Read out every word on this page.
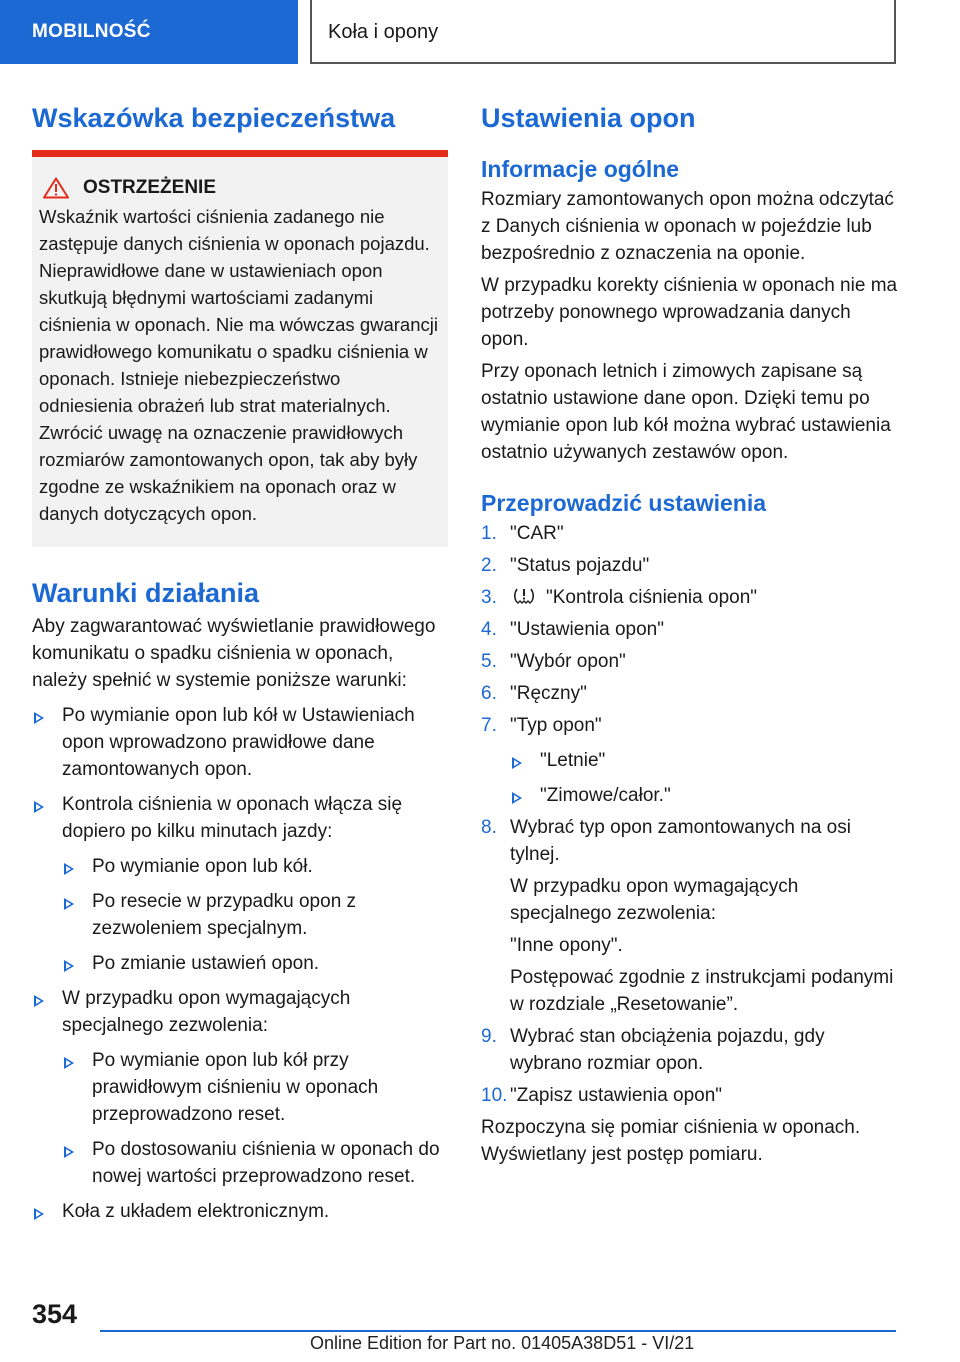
MOBILNOŚĆ	Koła i opony
Wskazówka bezpieczeństwa
OSTRZEŻENIE

Wskaźnik wartości ciśnienia zadanego nie zastępuje danych ciśnienia w oponach pojazdu. Nieprawidłowe dane w ustawieniach opon skutkują błędnymi wartościami zadanymi ciśnienia w oponach. Nie ma wówczas gwarancji prawidłowego komunikatu o spadku ciśnienia w oponach. Istnieje niebezpieczeństwo odniesienia obrażeń lub strat materialnych. Zwrócić uwagę na oznaczenie prawidłowych rozmiarów zamontowanych opon, tak aby były zgodne ze wskaźnikiem na oponach oraz w danych dotyczących opon.

Warunki działania

Aby zagwarantować wyświetlanie prawidłowego komunikatu o spadku ciśnienia w oponach, należy spełnić w systemie poniższe warunki:

Po wymianie opon lub kół w Ustawieniach opon wprowadzono prawidłowe dane zamontowanych opon.
Kontrola ciśnienia w oponach włącza się dopiero po kilku minutach jazdy:
Po wymianie opon lub kół.
Po resecie w przypadku opon z zezwoleniem specjalnym.
Po zmianie ustawień opon.
W przypadku opon wymagających specjalnego zezwolenia:
Po wymianie opon lub kół przy prawidłowym ciśnieniu w oponach przeprowadzono reset.
Po dostosowaniu ciśnienia w oponach do nowej wartości przeprowadzono reset.
Koła z układem elektronicznym.
Ustawienia opon
Informacje ogólne

Rozmiary zamontowanych opon można odczytać z Danych ciśnienia w oponach w pojeździe lub bezpośrednio z oznaczenia na oponie.

W przypadku korekty ciśnienia w oponach nie ma potrzeby ponownego wprowadzania danych opon.

Przy oponach letnich i zimowych zapisane są ostatnio ustawione dane opon. Dzięki temu po wymianie opon lub kół można wybrać ustawienia ostatnio używanych zestawów opon.

Przeprowadzić ustawienia
1. "CAR"
2. "Status pojazdu"
3.	"Kontrola ciśnienia opon"
4. "Ustawienia opon"
5. "Wybór opon"
6. "Ręczny"
7. "Typ opon"
"Letnie"
"Zimowe/całor."
8. Wybrać typ opon zamontowanych na osi tylnej.
W przypadku opon wymagających specjalnego zezwolenia:
"Inne opony".
Postępować zgodnie z instrukcjami podanymi w rozdziale „Resetowanie”.
9. Wybrać stan obciążenia pojazdu, gdy wybrano rozmiar opon.
10. "Zapisz ustawienia opon"

Rozpoczyna się pomiar ciśnienia w oponach. Wyświetlany jest postęp pomiaru.

354
Online Edition for Part no. 01405A38D51 - VI/21
